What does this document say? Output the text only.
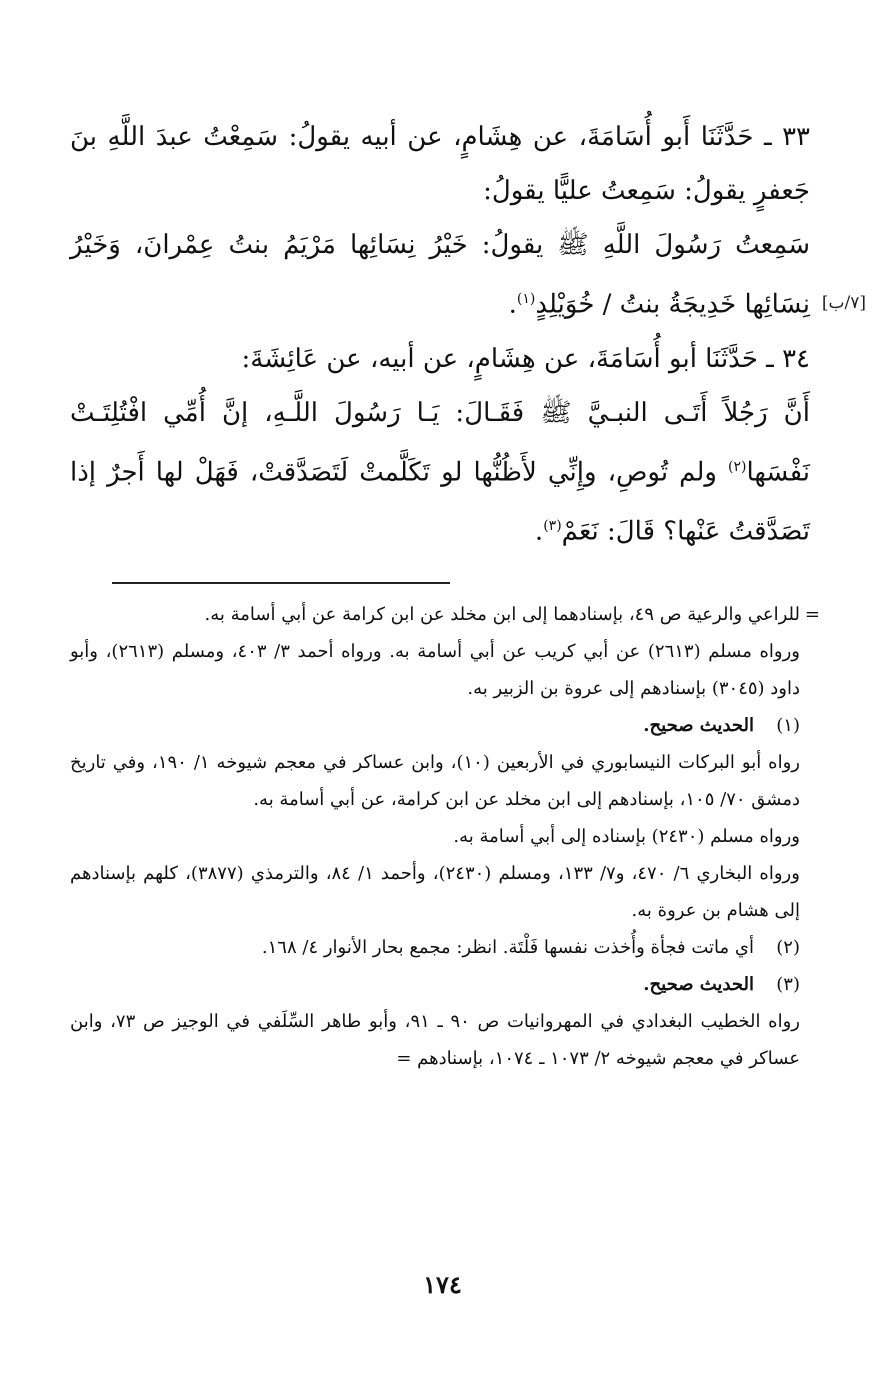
٣٣ ـ حَدَّثَنَا أَبو أُسَامَةَ، عن هِشَامٍ، عن أبيه يقولُ: سَمِعْتُ عبدَ اللَّهِ بنَ جَعفرٍ يقولُ: سَمِعتُ عليًّا يقولُ:

سَمِعتُ رَسُولَ اللَّهِ ﷺ يقولُ: خَيْرُ نِسَائِها مَرْيَمُ بنتُ عِمْرانَ، وَخَيْرُ نِسَائِها خَدِيجَةُ بنتُ / خُوَيْلِدٍ$^{(١)}$.	[٧/ب]

٣٤ ـ حَدَّثَنَا أبو أُسَامَةَ، عن هِشَامٍ، عن أبيه، عن عَائِشَةَ:

أَنَّ رَجُلاً أَتَـى النبـيَّ ﷺ فَقَـالَ: يَـا رَسُولَ اللَّـهِ، إنَّ أُمِّي افْتُلِتَـتْ نَفْسَها$^{(٢)}$ ولم تُوصِ، وإِنِّي لأَظُنُّها لو تَكَلَّمتْ لَتَصَدَّقتْ، فَهَلْ لها أَجرٌ إذا تَصَدَّقتُ عَنْها؟ قَالَ: نَعَمْ$^{(٣)}$.

=

للراعي والرعية ص ٤٩، بإسنادهما إلى ابن مخلد عن ابن كرامة عن أبي أسامة به.

ورواه مسلم (٢٦١٣) عن أبي كريب عن أبي أسامة به. ورواه أحمد ٣/ ٤٠٣، ومسلم (٢٦١٣)، وأبو داود (٣٠٤٥) بإسنادهم إلى عروة بن الزبير به.

(١)الحديث صحيح.

رواه أبو البركات النيسابوري في الأربعين (١٠)، وابن عساكر في معجم شيوخه ١/ ١٩٠، وفي تاريخ دمشق ٧٠/ ١٠٥، بإسنادهم إلى ابن مخلد عن ابن كرامة، عن أبي أسامة به.

ورواه مسلم (٢٤٣٠) بإسناده إلى أبي أسامة به.

ورواه البخاري ٦/ ٤٧٠، و٧/ ١٣٣، ومسلم (٢٤٣٠)، وأحمد ١/ ٨٤، والترمذي (٣٨٧٧)، كلهم بإسنادهم إلى هشام بن عروة به.

(٢)أي ماتت فجأة وأُخذت نفسها فَلْتَة. انظر: مجمع بحار الأنوار ٤/ ١٦٨.

(٣)الحديث صحيح.

رواه الخطيب البغدادي في المهروانيات ص ٩٠ ـ ٩١، وأبو طاهر السِّلَفي في الوجيز ص ٧٣، وابن عساكر في معجم شيوخه ٢/ ١٠٧٣ ـ ١٠٧٤، بإسنادهم =

١٧٤
